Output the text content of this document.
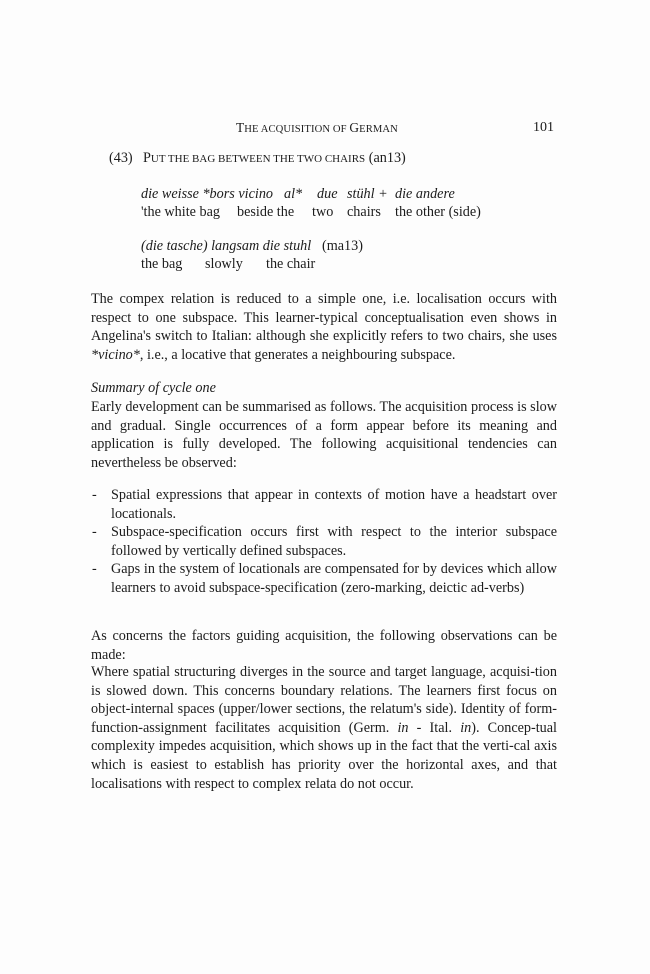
THE ACQUISITION OF GERMAN	101
(43) PUT THE BAG BETWEEN THE TWO CHAIRS (an13)
die weisse *bors vicino al* due stühl + die andere
'the white bag beside the two chairs the other (side)
(die tasche) langsam die stuhl (ma13)
the bag slowly the chair

The compex relation is reduced to a simple one, i.e. localisation occurs with respect to one subspace. This learner-typical conceptualisation even shows in Angelina's switch to Italian: although she explicitly refers to two chairs, she uses *vicino*, i.e., a locative that generates a neighbouring subspace.

Summary of cycle one

Early development can be summarised as follows. The acquisition process is slow and gradual. Single occurrences of a form appear before its meaning and application is fully developed. The following acquisitional tendencies can nevertheless be observed:

- Spatial expressions that appear in contexts of motion have a headstart over locationals.
- Subspace-specification occurs first with respect to the interior subspace followed by vertically defined subspaces.
- Gaps in the system of locationals are compensated for by devices which allow learners to avoid subspace-specification (zero-marking, deictic ad-verbs)

As concerns the factors guiding acquisition, the following observations can be made:

Where spatial structuring diverges in the source and target language, acquisi-tion is slowed down. This concerns boundary relations. The learners first focus on object-internal spaces (upper/lower sections, the relatum's side). Identity of form-function-assignment facilitates acquisition (Germ. in - Ital. in). Concep-tual complexity impedes acquisition, which shows up in the fact that the verti-cal axis which is easiest to establish has priority over the horizontal axes, and that localisations with respect to complex relata do not occur.
